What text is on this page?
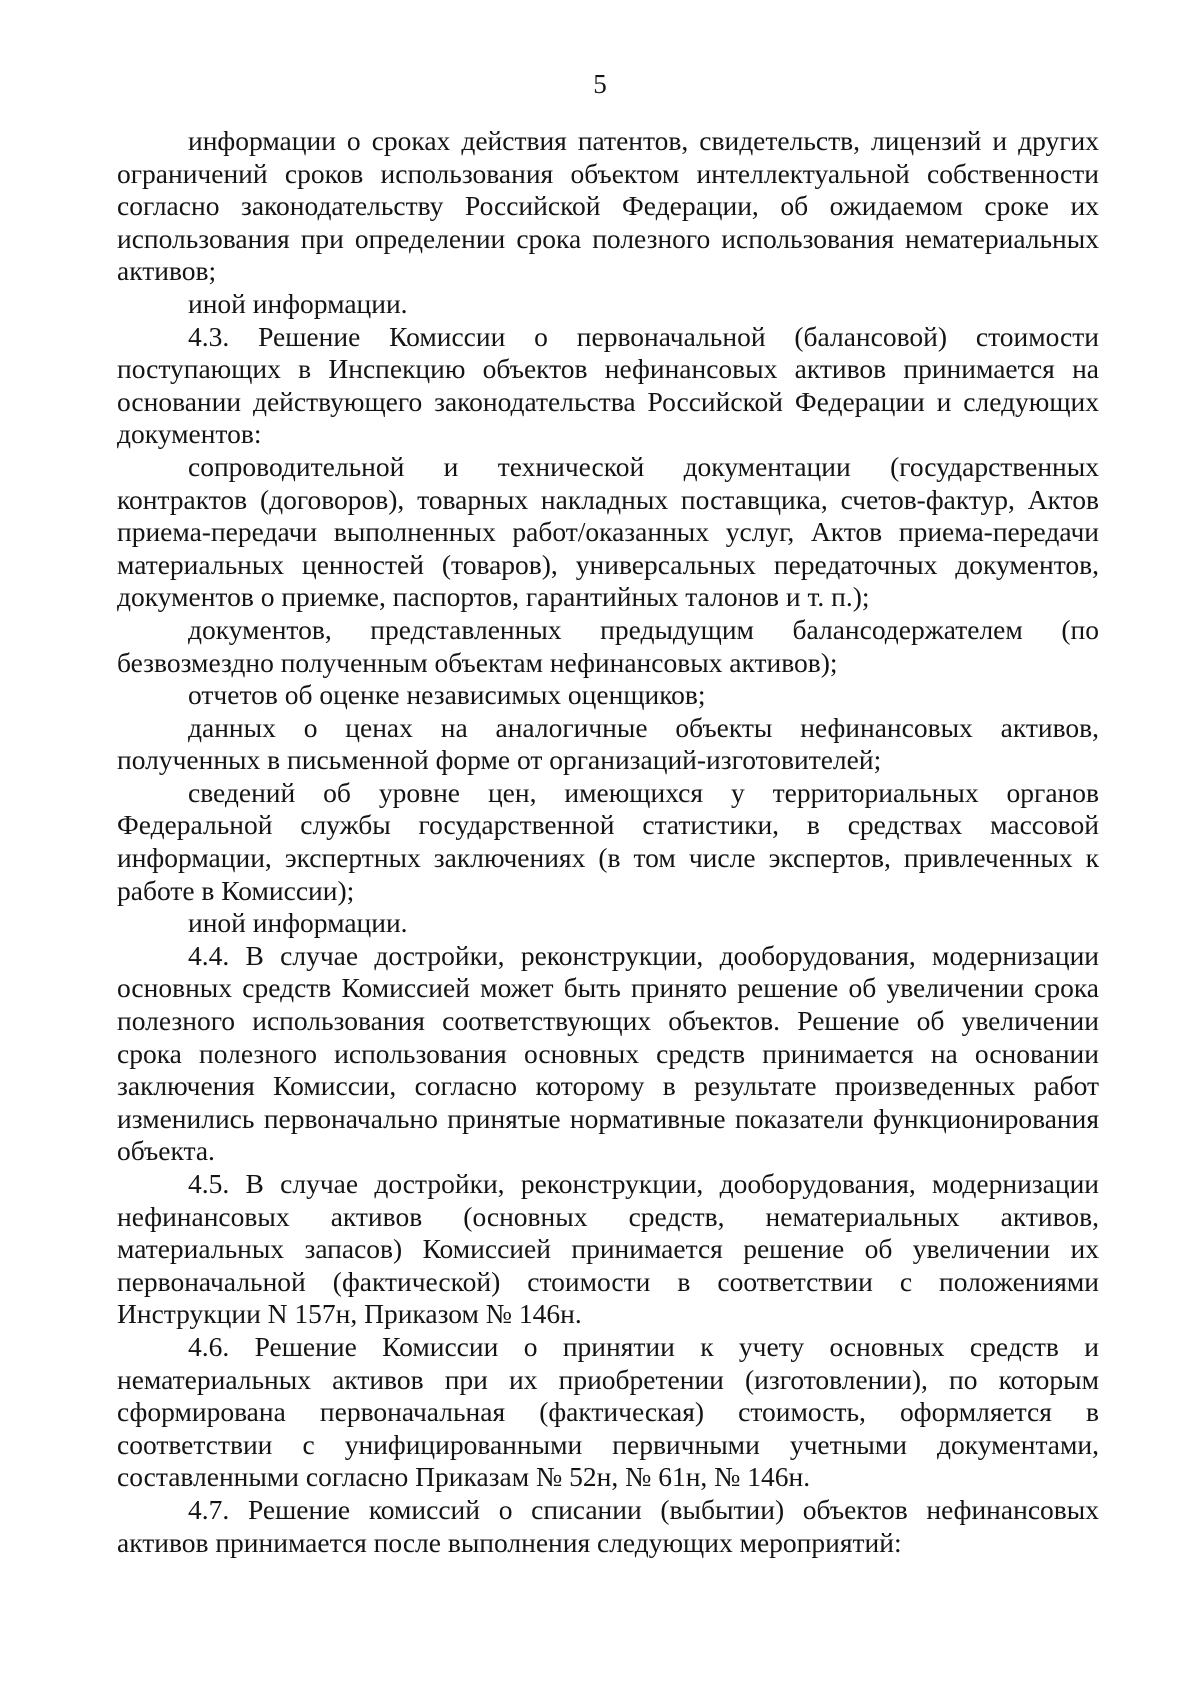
5

информации о сроках действия патентов, свидетельств, лицензий и других ограничений сроков использования объектом интеллектуальной собственности согласно законодательству Российской Федерации, об ожидаемом сроке их использования при определении срока полезного использования нематериальных активов;

иной информации.

4.3. Решение Комиссии о первоначальной (балансовой) стоимости поступающих в Инспекцию объектов нефинансовых активов принимается на основании действующего законодательства Российской Федерации и следующих документов:

сопроводительной и технической документации (государственных контрактов (договоров), товарных накладных поставщика, счетов-фактур, Актов приема-передачи выполненных работ/оказанных услуг, Актов приема-передачи материальных ценностей (товаров), универсальных передаточных документов, документов о приемке, паспортов, гарантийных талонов и т. п.);

документов, представленных предыдущим балансодержателем (по безвозмездно полученным объектам нефинансовых активов);

отчетов об оценке независимых оценщиков;

данных о ценах на аналогичные объекты нефинансовых активов, полученных в письменной форме от организаций-изготовителей;

сведений об уровне цен, имеющихся у территориальных органов Федеральной службы государственной статистики, в средствах массовой информации, экспертных заключениях (в том числе экспертов, привлеченных к работе в Комиссии);

иной информации.

4.4. В случае достройки, реконструкции, дооборудования, модернизации основных средств Комиссией может быть принято решение об увеличении срока полезного использования соответствующих объектов. Решение об увеличении срока полезного использования основных средств принимается на основании заключения Комиссии, согласно которому в результате произведенных работ изменились первоначально принятые нормативные показатели функционирования объекта.

4.5. В случае достройки, реконструкции, дооборудования, модернизации нефинансовых активов (основных средств, нематериальных активов, материальных запасов) Комиссией принимается решение об увеличении их первоначальной (фактической) стоимости в соответствии с положениями Инструкции N 157н, Приказом № 146н.

4.6. Решение Комиссии о принятии к учету основных средств и нематериальных активов при их приобретении (изготовлении), по которым сформирована первоначальная (фактическая) стоимость, оформляется в соответствии с унифицированными первичными учетными документами, составленными согласно Приказам № 52н, № 61н, № 146н.

4.7. Решение комиссий о списании (выбытии) объектов нефинансовых активов принимается после выполнения следующих мероприятий:
